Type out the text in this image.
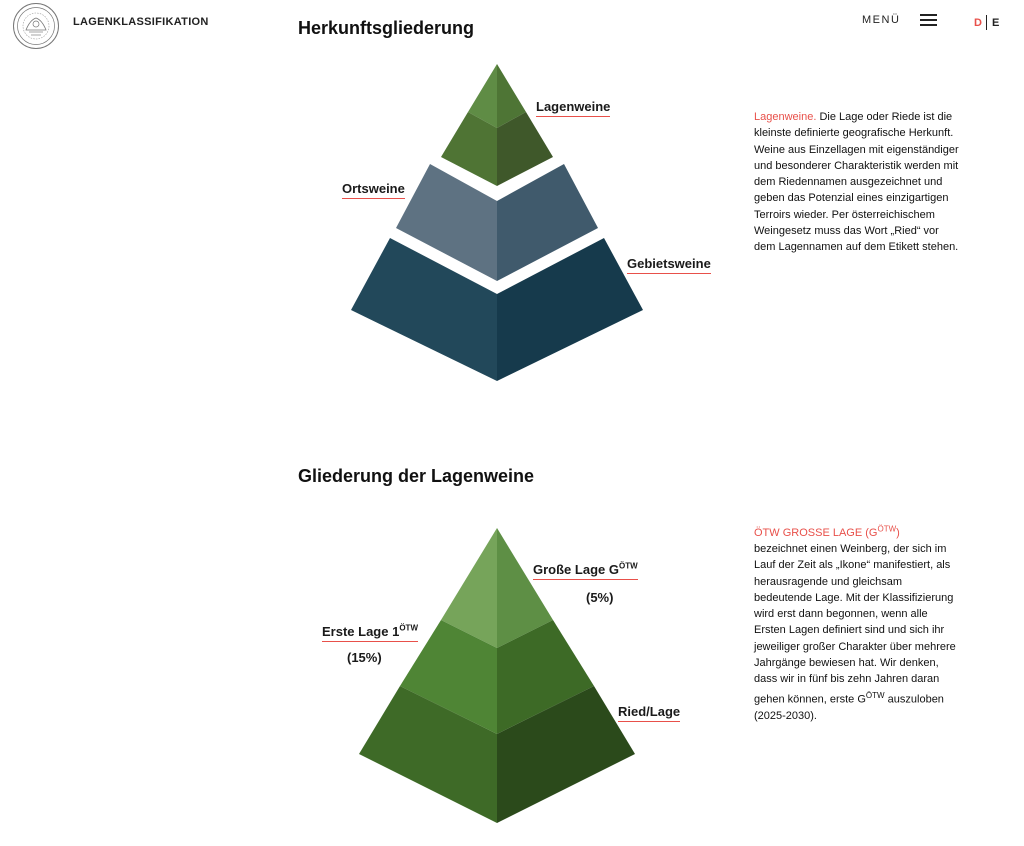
LAGENKLASSIFIKATION	Herkunftsgliederung	MENÜ	D E
Lagenweine
Ortsweine
Gebietsweine

Lagenweine. Die Lage oder Riede ist die kleinste definierte geografische Herkunft. Weine aus Einzellagen mit eigenständiger und besonderer Charakteristik werden mit dem Riedennamen ausgezeichnet und geben das Potenzial eines einzigartigen Terroirs wieder. Per österreichischem Weingesetz muss das Wort „Ried“ vor dem Lagennamen auf dem Etikett stehen.

Gliederung der Lagenweine
Große Lage $G^{ÖTW}$
(5%)
Erste Lage $1^{ÖTW}$
(15%)
Ried/Lage

ÖTW GROSSE LAGE $(G^{ÖTW})$
bezeichnet einen Weinberg, der sich im Lauf der Zeit als „Ikone“ manifestiert, als herausragende und gleichsam bedeutende Lage. Mit der Klassifizierung wird erst dann begonnen, wenn alle Ersten Lagen definiert sind und sich ihr jeweiliger großer Charakter über mehrere Jahrgänge bewiesen hat. Wir denken, dass wir in fünf bis zehn Jahren daran gehen können, erste $G^{ÖTW}$ auszuloben (2025-2030).
